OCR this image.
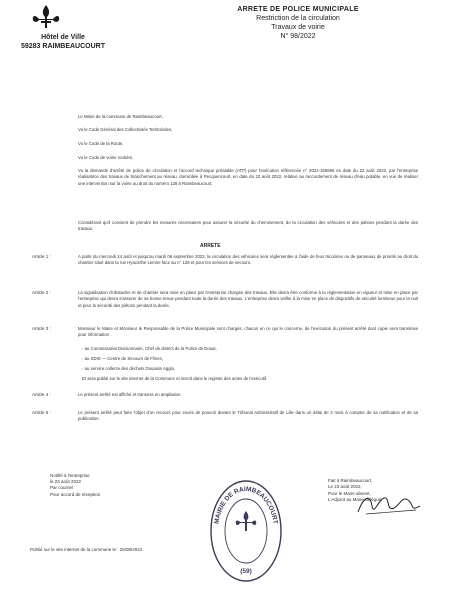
Hôtel de Ville
59283 RAIMBEAUCOURT
ARRETE DE POLICE MUNICIPALE
Restriction de la circulation
Travaux de voirie
N° 98/2022
Le Maire de la commune de Raimbeaucourt,
Vu le Code Général des Collectivités Territoriales,
Vu le Code de la Route,
Vu le Code de voirie routière,
Vu la demande d'arrêté de police de circulation et l'accord technique préalable (ATP) pour l'exécution référencée n° 2022-156585 en date du 22 août 2022, par l'entreprise réalisatrice des travaux de branchement au réseau, domiciliée à Pecquencourt, en date du 22 août 2022, relative au raccordement de réseau d'eau potable, en vue de réaliser une intervention sur la voirie au droit du numéro 128 à Raimbeaucourt,
Considérant qu'il convient de prendre les mesures nécessaires pour assurer la sécurité du cheminement, de la circulation des véhicules et des piétons pendant la durée des travaux,
ARRETE
Article 1 :	A partir du mercredi 24 août et jusqu'au mardi 06 septembre 2022, la circulation des véhicules sera réglementée à l'aide de feux tricolores ou de panneaux de priorité au droit du chantier situé dans la rue Hyacinthe Lemire face au n° 128 et pour les services de secours.
Article 2 :	La signalisation d'obstacles et de chantier sera mise en place par l'entreprise chargée des travaux. Elle devra être conforme à la réglementation en vigueur et mise en place par l'entreprise qui devra s'assurer de sa bonne tenue pendant toute la durée des travaux. L'entreprise devra veiller à la mise en place de dispositifs de sécurité lumineux pour la nuit et pour la sécurité des piétons pendant la durée.
Article 3 :	Monsieur le Maire et Monsieur le Responsable de la Police Municipale sont chargés, chacun en ce qui le concerne, de l'exécution du présent arrêté dont copie sera transmise pour information :
- au Commissariat Divisionnaire, Chef de district de la Police de Douai,
- au SDIS — Centre de Secours de Flines,
- au service collecte des déchets Douaisis Agglo,
Et sera publié sur le site internet de la Commune et inscrit dans le registre des actes de l'exécutif.
Article 4 :	Le présent arrêté est affiché et transmis en ampliation.
Article 5 :	Le présent arrêté peut faire l'objet d'un recours pour excès de pouvoir devant le Tribunal Administratif de Lille dans un délai de 2 mois à compter de sa notification et de sa publication.
Notifié à l'entreprise
le 23 août 2022
Par courriel
Pour accord de réception
MAIRIE DE RAIMBEAUCOURT
(59)
Fait à Raimbeaucourt,
Le 23 août 2022,
Pour le Maire absent,
L'Adjoint au Maire délégué.
Publié sur le site internet de la commune le : 25/08/2022
